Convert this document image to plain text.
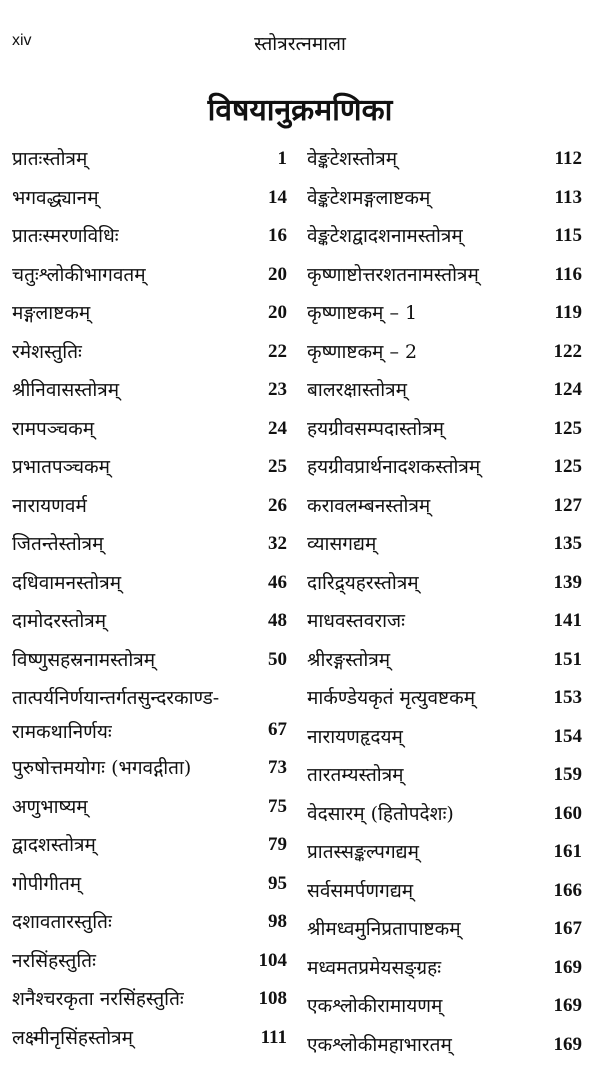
xiv	स्तोत्ररत्नमाला
विषयानुक्रमणिका
प्रातःस्तोत्रम्	1
भगवद्ध्यानम्	14
प्रातःस्मरणविधिः	16
चतुःश्लोकीभागवतम्	20
मङ्गलाष्टकम्	20
रमेशस्तुतिः	22
श्रीनिवासस्तोत्रम्	23
रामपञ्चकम्	24
प्रभातपञ्चकम्	25
नारायणवर्म	26
जितन्तेस्तोत्रम्	32
दधिवामनस्तोत्रम्	46
दामोदरस्तोत्रम्	48
विष्णुसहस्रनामस्तोत्रम्	50
तात्पर्यनिर्णयान्तर्गतसुन्दरकाण्ड-
रामकथानिर्णयः	67
पुरुषोत्तमयोगः (भगवद्गीता)	73
अणुभाष्यम्	75
द्वादशस्तोत्रम्	79
गोपीगीतम्	95
दशावतारस्तुतिः	98
नरसिंहस्तुतिः	104
शनैश्चरकृता नरसिंहस्तुतिः	108
लक्ष्मीनृसिंहस्तोत्रम्	111
वेङ्कटेशस्तोत्रम्	112
वेङ्कटेशमङ्गलाष्टकम्	113
वेङ्कटेशद्वादशनामस्तोत्रम्	115
कृष्णाष्टोत्तरशतनामस्तोत्रम्	116
कृष्णाष्टकम् – 1	119
कृष्णाष्टकम् – 2	122
बालरक्षास्तोत्रम्	124
हयग्रीवसम्पदास्तोत्रम्	125
हयग्रीवप्रार्थनादशकस्तोत्रम्	125
करावलम्बनस्तोत्रम्	127
व्यासगद्यम्	135
दारिद्र्यहरस्तोत्रम्	139
माधवस्तवराजः	141
श्रीरङ्गस्तोत्रम्	151
मार्कण्डेयकृतं मृत्युवष्टकम्	153
नारायणहृदयम्	154
तारतम्यस्तोत्रम्	159
वेदसारम् (हितोपदेशः)	160
प्रातस्सङ्कल्पगद्यम्	161
सर्वसमर्पणगद्यम्	166
श्रीमध्वमुनिप्रतापाष्टकम्	167
मध्वमतप्रमेयसङ्ग्रहः	169
एकश्लोकीरामायणम्	169
एकश्लोकीमहाभारतम्	169
